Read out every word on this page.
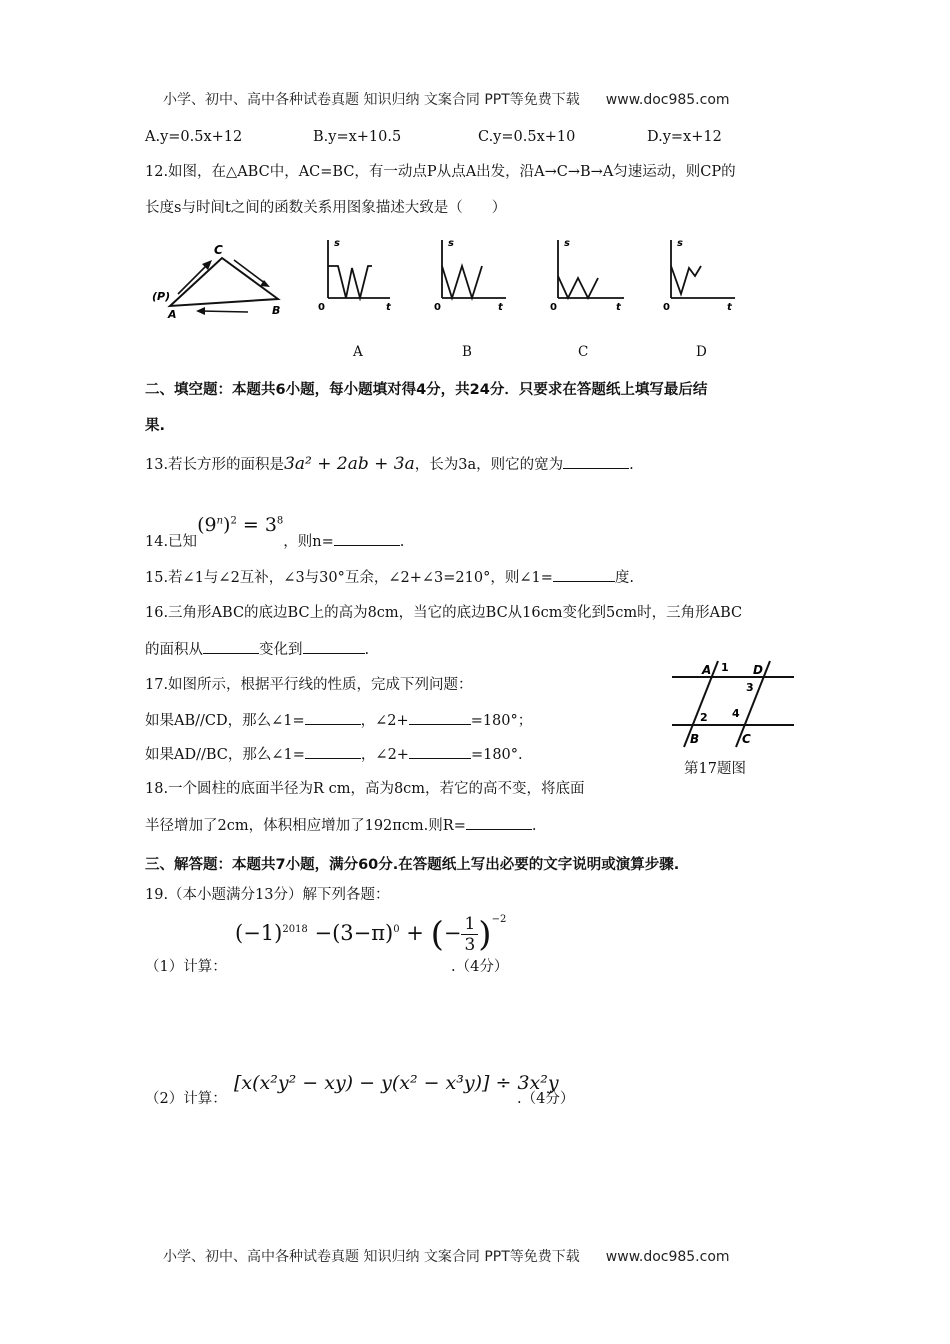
小学、初中、高中各种试卷真题 知识归纳 文案合同 PPT等免费下载 www.doc985.com
A.y=0.5x+12	B.y=x+10.5	C.y=0.5x+10	D.y=x+12
12.如图，在△ABC中，AC=BC，有一动点P从点A出发，沿A→C→B→A匀速运动，则CP的
长度s与时间t之间的函数关系用图象描述大致是（　　）
C
(P)
A	B
s
0	t
s
0	t
s
0	t
s
0	t
A	B	C	D
二、填空题：本题共6小题，每小题填对得4分，共24分．只要求在答题纸上填写最后结
果.
13.若长方形的面积是3a² + 2ab + 3a，长为3a，则它的宽为	.
14.已知$(9^n)^2 = 3^8$，则n=	.
15.若∠1与∠2互补，∠3与30°互余，∠2+∠3=210°，则∠1=	度.
16.三角形ABC的底边BC上的高为8cm，当它的底边BC从16cm变化到5cm时，三角形ABC
的面积从	变化到	.
17.如图所示，根据平行线的性质，完成下列问题：
如果AB//CD，那么∠1=	，∠2+	=180°；
如果AD//BC，那么∠1=	，∠2+	=180°.
A 1 D
3
2 4
B	C
第17题图
18.一个圆柱的底面半径为R cm，高为8cm，若它的高不变，将底面
半径增加了2cm，体积相应增加了192πcm.则R=	.
三、解答题：本题共7小题，满分60分.在答题纸上写出必要的文字说明或演算步骤.
19.（本小题满分13分）解下列各题：
（1）计算：
$(-1)^{2018} -(3-\pi)^0$ + (− $\frac{1}{3} )^{-2}$
.（4分）
（2）计算：
[x(x²y² − xy) − y(x² − x³y)] ÷ 3x²y
.（4分）
小学、初中、高中各种试卷真题 知识归纳 文案合同 PPT等免费下载 www.doc985.com
